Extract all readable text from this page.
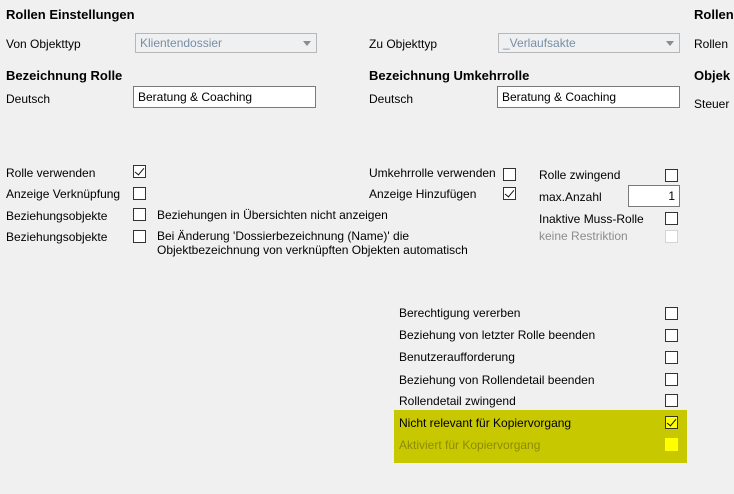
Rollen Einstellungen	Rollen
Von Objekttyp	Klientendossier	Zu Objekttyp	_Verlaufsakte	Rollen
Bezeichnung Rolle	Bezeichnung Umkehrrolle	Objek
Deutsch	Beratung & Coaching	Deutsch	Beratung & Coaching	Steuer
Rolle verwenden
Anzeige Verknüpfung
Beziehungsobjekte	Beziehungen in Übersichten nicht anzeigen
Beziehungsobjekte	Bei Änderung 'Dossierbezeichnung (Name)' die
Objektbezeichnung von verknüpften Objekten automatisch
Umkehrrolle verwenden
Anzeige Hinzufügen
Rolle zwingend
max.Anzahl	1
Inaktive Muss-Rolle
keine Restriktion
Berechtigung vererben
Beziehung von letzter Rolle beenden
Benutzeraufforderung
Beziehung von Rollendetail beenden
Rollendetail zwingend
Nicht relevant für Kopiervorgang
Aktiviert für Kopiervorgang
